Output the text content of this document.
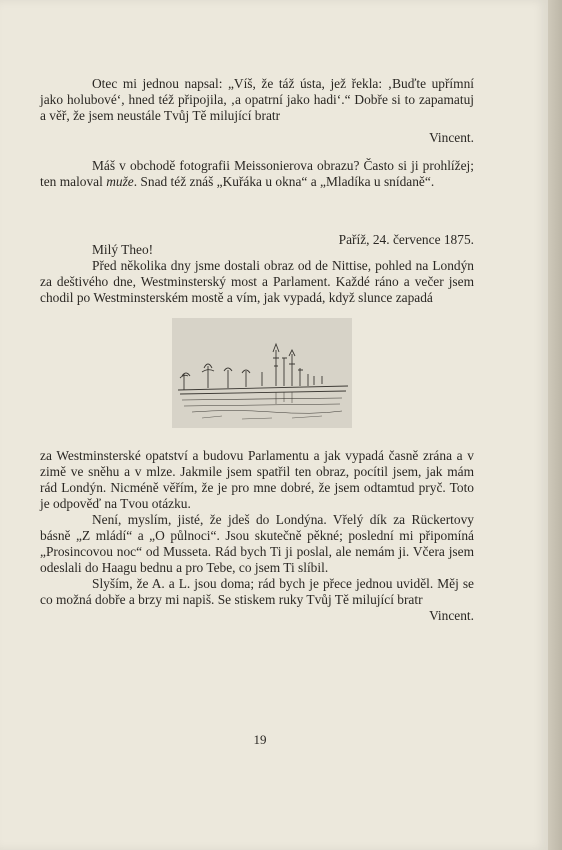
Otec mi jednou napsal: „Víš, že táž ústa, jež řekla: ‚Buďte upřímní jako holubové‘, hned též připojila, ‚a opatrní jako hadi‘.“ Dobře si to zapamatuj a věř, že jsem neustále Tvůj Tě milující bratr

Vincent.

Máš v obchodě fotografii Meissonierova obrazu? Často si ji prohlížej; ten maloval muže. Snad též znáš „Kuřáka u okna“ a „Mladíka u snídaně“.

Paříž, 24. července 1875.

Milý Theo!

Před několika dny jsme dostali obraz od de Nittise, pohled na Londýn za deštivého dne, Westminsterský most a Parlament. Každé ráno a večer jsem chodil po Westminsterském mostě a vím, jak vypadá, když slunce zapadá

za Westminsterské opatství a budovu Parlamentu a jak vypadá časně zrána a v zimě ve sněhu a v mlze. Jakmile jsem spatřil ten obraz, pocítil jsem, jak mám rád Londýn. Nicméně věřím, že je pro mne dobré, že jsem odtamtud pryč. Toto je odpověď na Tvou otázku.

Není, myslím, jisté, že jdeš do Londýna. Vřelý dík za Rückertovy básně „Z mládí“ a „O půlnoci“. Jsou skutečně pěkné; poslední mi připomíná „Prosincovou noc“ od Musseta. Rád bych Ti ji poslal, ale nemám ji. Včera jsem odeslali do Haagu bednu a pro Tebe, co jsem Ti slíbil.

Slyším, že A. a L. jsou doma; rád bych je přece jednou uviděl. Měj se co možná dobře a brzy mi napiš. Se stiskem ruky Tvůj Tě milující bratr

Vincent.

19
